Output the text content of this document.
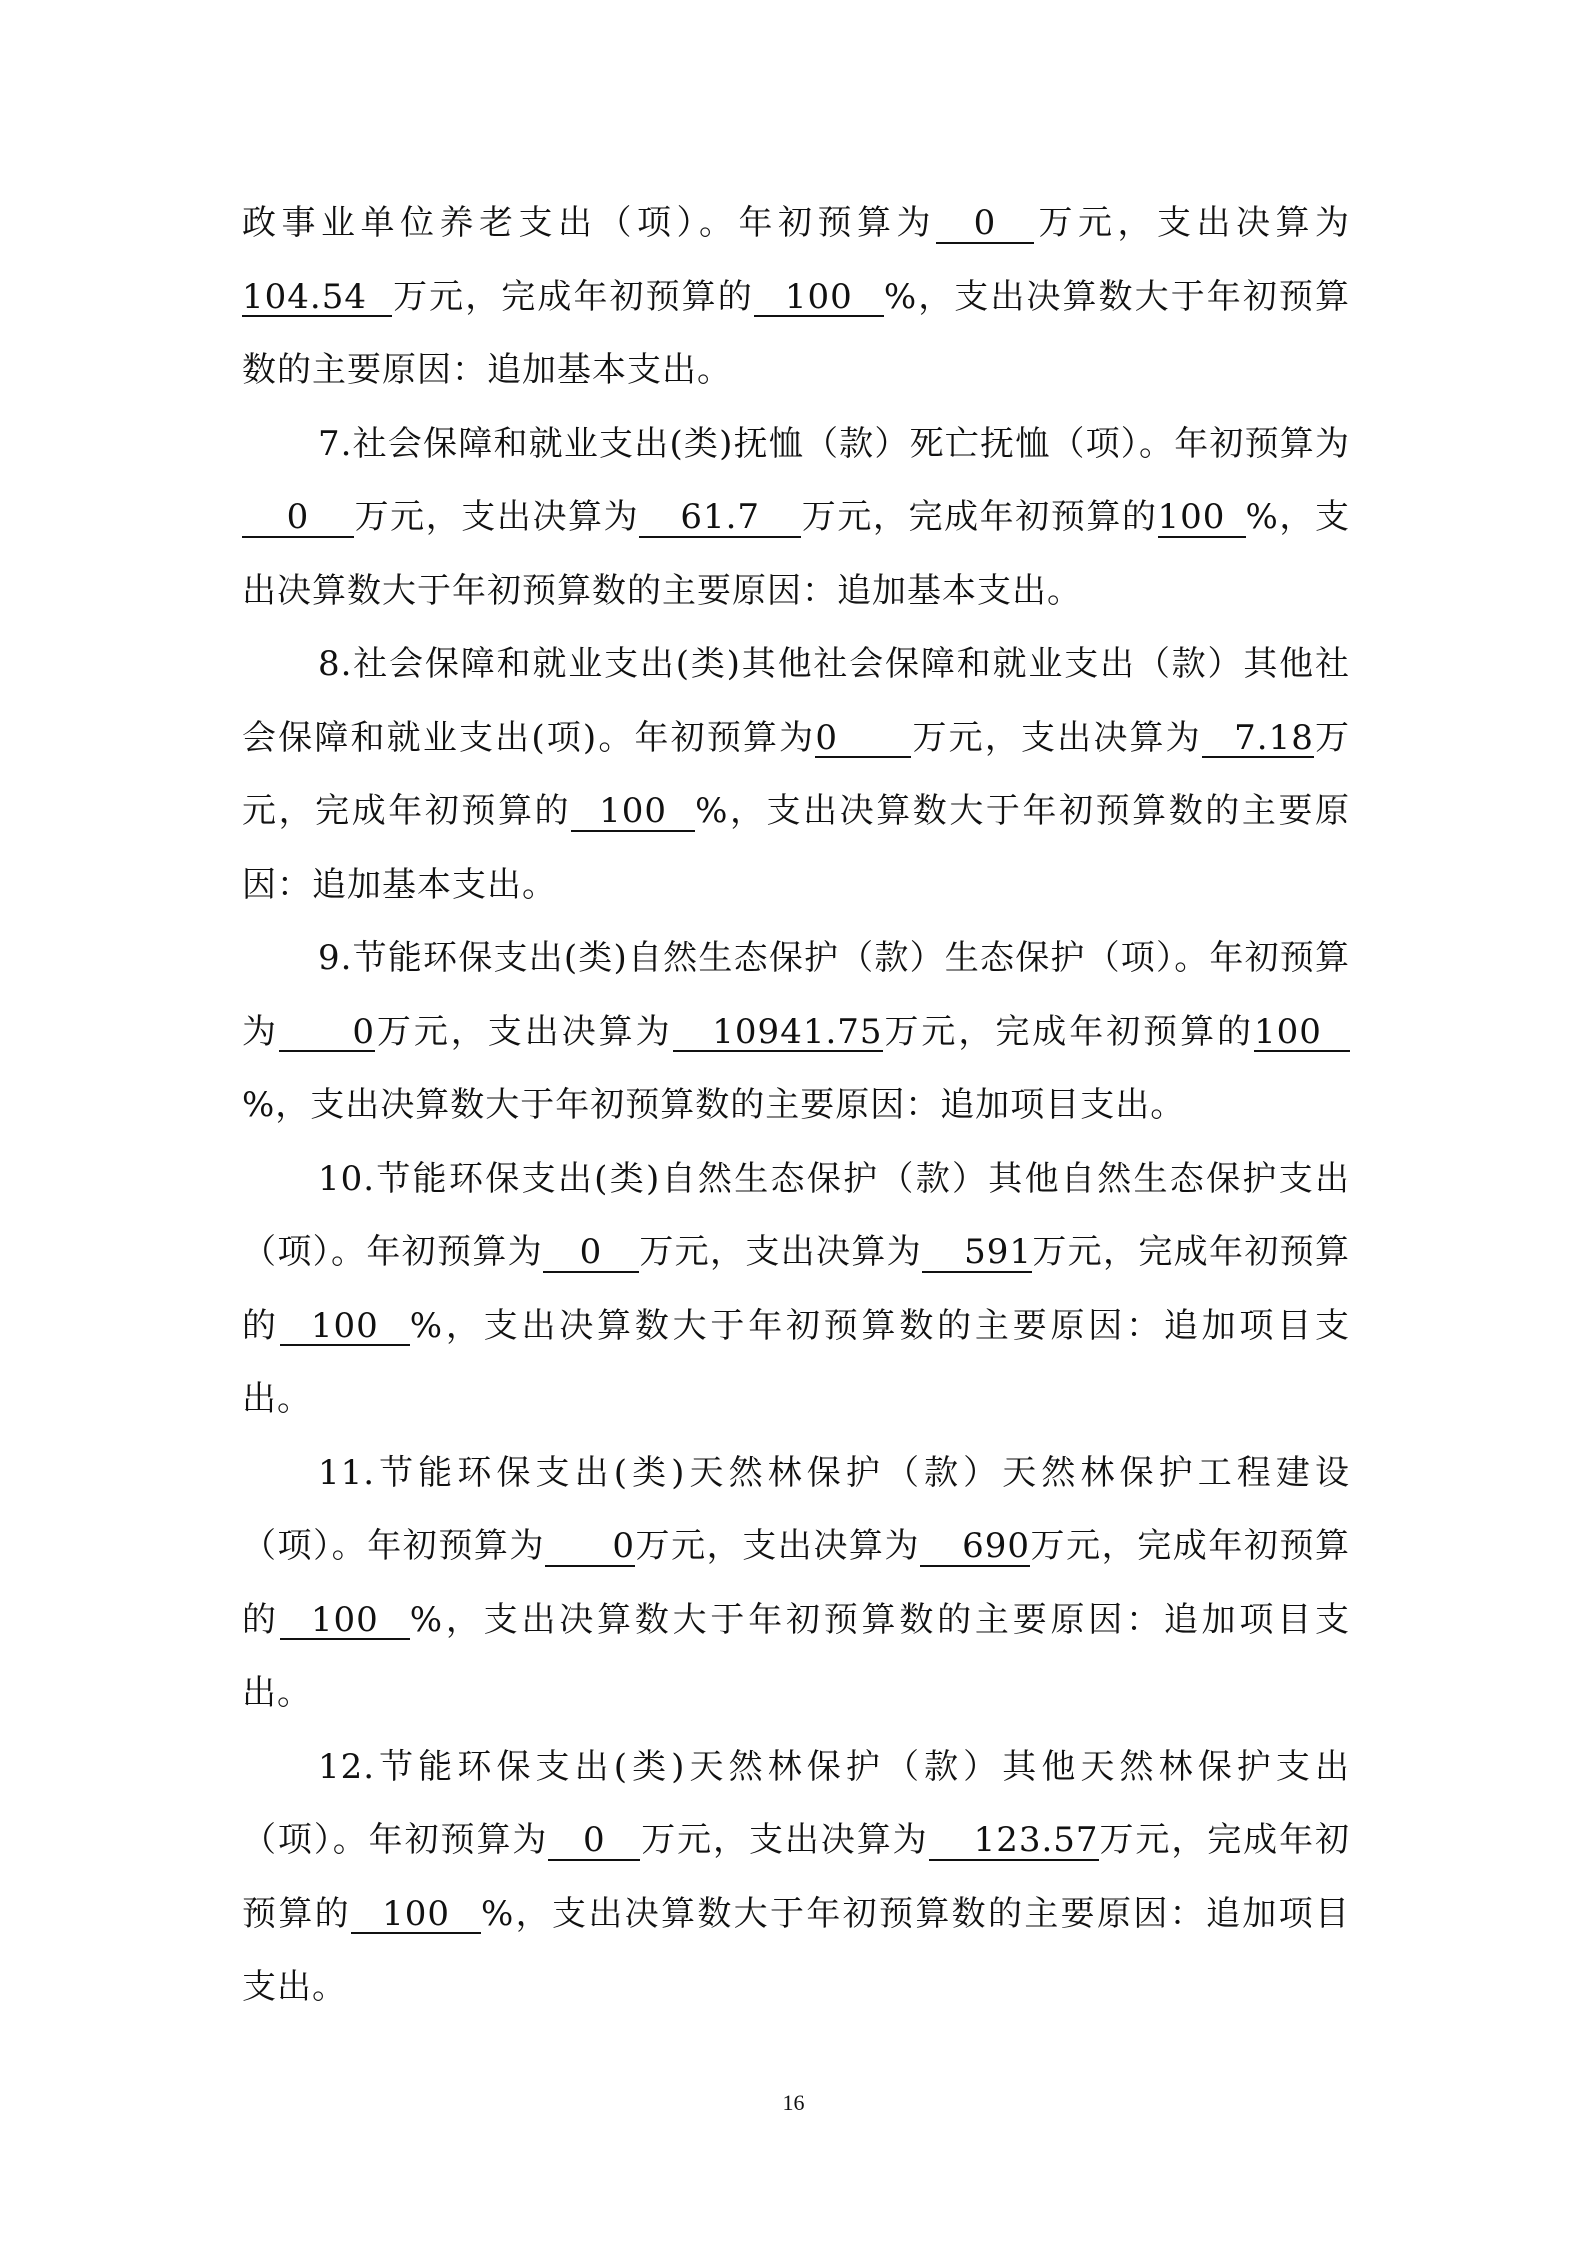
政事业单位养老支出（项）。年初预算为 0 万元，支出决算为104.54 万元，完成年初预算的 100 %，支出决算数大于年初预算数的主要原因：追加基本支出。

7.社会保障和就业支出(类)抚恤（款）死亡抚恤（项）。年初预算为0 万元，支出决算为 61.7 万元，完成年初预算的100 %，支出决算数大于年初预算数的主要原因：追加基本支出。

8.社会保障和就业支出(类)其他社会保障和就业支出（款）其他社会保障和就业支出(项)。年初预算为0 万元，支出决算为 7.18万元，完成年初预算的 100 %，支出决算数大于年初预算数的主要原因：追加基本支出。

9.节能环保支出(类)自然生态保护（款）生态保护（项）。年初预算为 0万元，支出决算为 10941.75万元，完成年初预算的100%，支出决算数大于年初预算数的主要原因：追加项目支出。

10.节能环保支出(类)自然生态保护（款）其他自然生态保护支出（项）。年初预算为 0 万元，支出决算为 591万元，完成年初预算的 100 %，支出决算数大于年初预算数的主要原因：追加项目支出。

11.节能环保支出(类)天然林保护（款）天然林保护工程建设（项）。年初预算为 0万元，支出决算为 690万元，完成年初预算的 100 %，支出决算数大于年初预算数的主要原因：追加项目支出。

12.节能环保支出(类)天然林保护（款）其他天然林保护支出（项）。年初预算为 0 万元，支出决算为 123.57万元，完成年初预算的 100 %，支出决算数大于年初预算数的主要原因：追加项目支出。

16
